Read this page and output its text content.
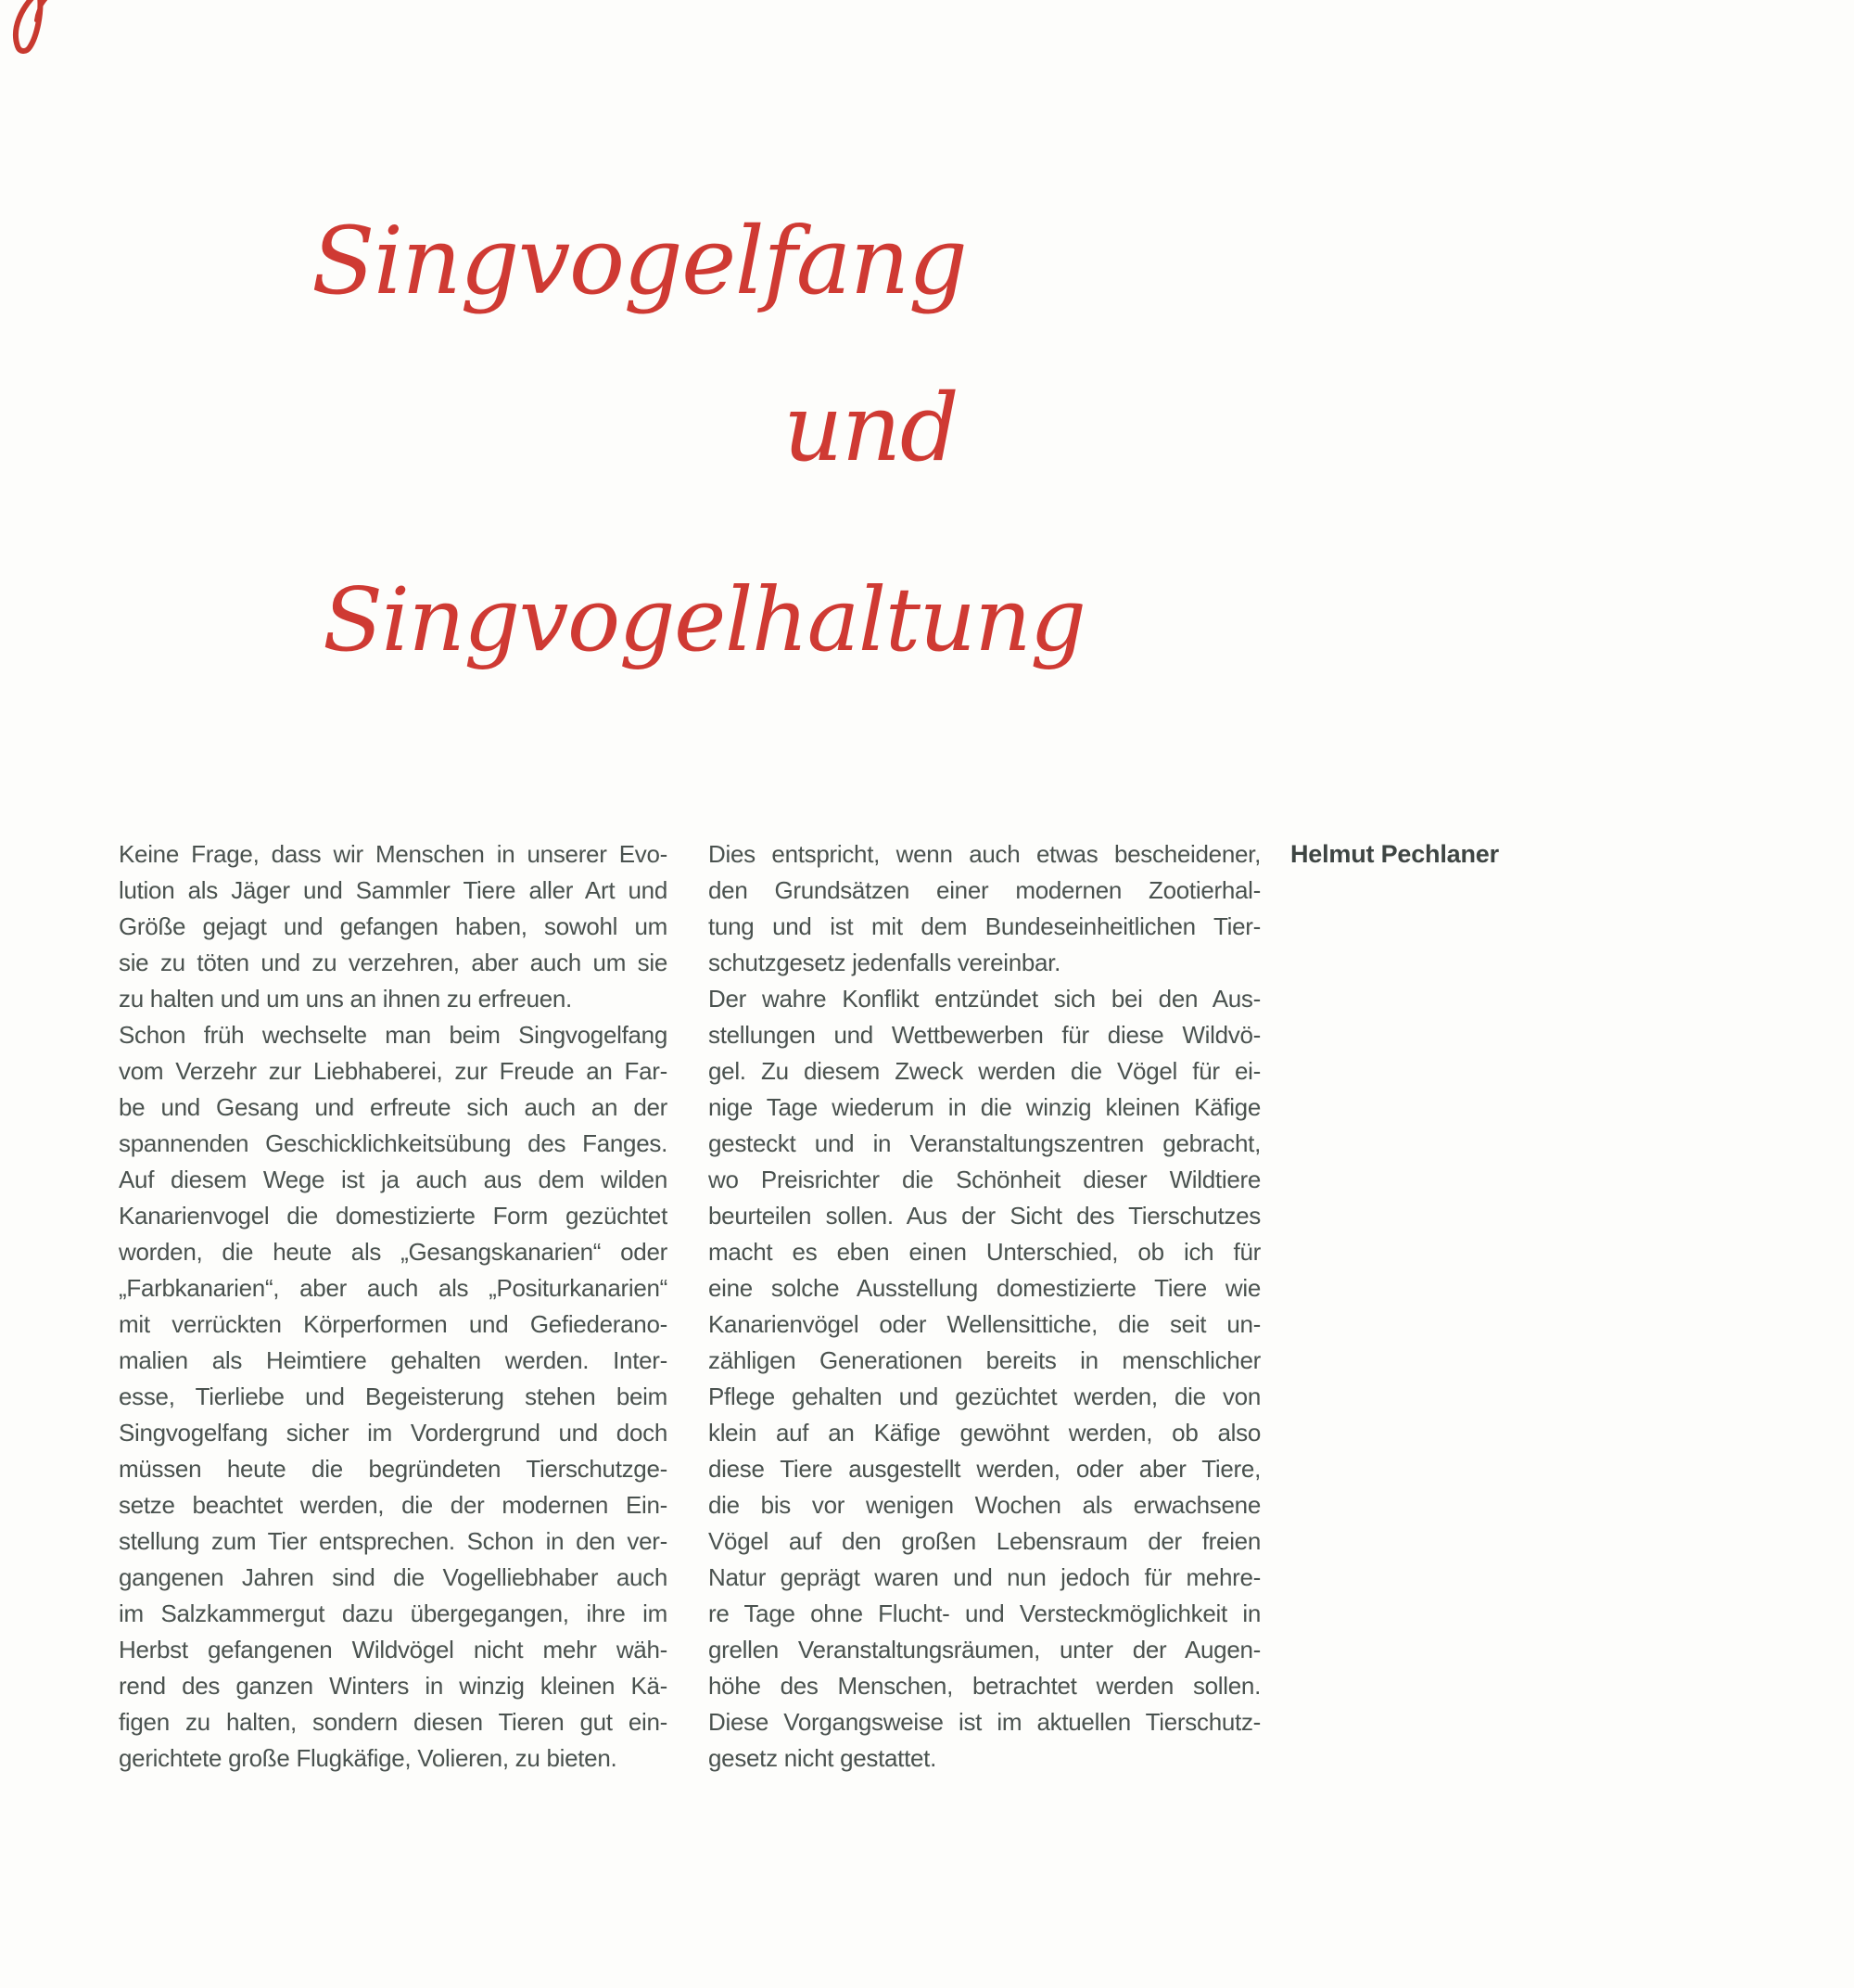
Singvogelfang
und
Singvogelhaltung
Keine Frage, dass wir Menschen in unserer Evo-
lution als Jäger und Sammler Tiere aller Art und
Größe gejagt und gefangen haben, sowohl um
sie zu töten und zu verzehren, aber auch um sie
zu halten und um uns an ihnen zu erfreuen.
Schon früh wechselte man beim Singvogelfang
vom Verzehr zur Liebhaberei, zur Freude an Far-
be und Gesang und erfreute sich auch an der
spannenden Geschicklichkeitsübung des Fanges.
Auf diesem Wege ist ja auch aus dem wilden
Kanarienvogel die domestizierte Form gezüchtet
worden, die heute als „Gesangskanarien“ oder
„Farbkanarien“, aber auch als „Positurkanarien“
mit verrückten Körperformen und Gefiederano-
malien als Heimtiere gehalten werden. Inter-
esse, Tierliebe und Begeisterung stehen beim
Singvogelfang sicher im Vordergrund und doch
müssen heute die begründeten Tierschutzge-
setze beachtet werden, die der modernen Ein-
stellung zum Tier entsprechen. Schon in den ver-
gangenen Jahren sind die Vogelliebhaber auch
im Salzkammergut dazu übergegangen, ihre im
Herbst gefangenen Wildvögel nicht mehr wäh-
rend des ganzen Winters in winzig kleinen Kä-
figen zu halten, sondern diesen Tieren gut ein-
gerichtete große Flugkäfige, Volieren, zu bieten.
Dies entspricht, wenn auch etwas bescheidener,
den Grundsätzen einer modernen Zootierhal-
tung und ist mit dem Bundeseinheitlichen Tier-
schutzgesetz jedenfalls vereinbar.
Der wahre Konflikt entzündet sich bei den Aus-
stellungen und Wettbewerben für diese Wildvö-
gel. Zu diesem Zweck werden die Vögel für ei-
nige Tage wiederum in die winzig kleinen Käfige
gesteckt und in Veranstaltungszentren gebracht,
wo Preisrichter die Schönheit dieser Wildtiere
beurteilen sollen. Aus der Sicht des Tierschutzes
macht es eben einen Unterschied, ob ich für
eine solche Ausstellung domestizierte Tiere wie
Kanarienvögel oder Wellensittiche, die seit un-
zähligen Generationen bereits in menschlicher
Pflege gehalten und gezüchtet werden, die von
klein auf an Käfige gewöhnt werden, ob also
diese Tiere ausgestellt werden, oder aber Tiere,
die bis vor wenigen Wochen als erwachsene
Vögel auf den großen Lebensraum der freien
Natur geprägt waren und nun jedoch für mehre-
re Tage ohne Flucht- und Versteckmöglichkeit in
grellen Veranstaltungsräumen, unter der Augen-
höhe des Menschen, betrachtet werden sollen.
Diese Vorgangsweise ist im aktuellen Tierschutz-
gesetz nicht gestattet.
Helmut Pechlaner
